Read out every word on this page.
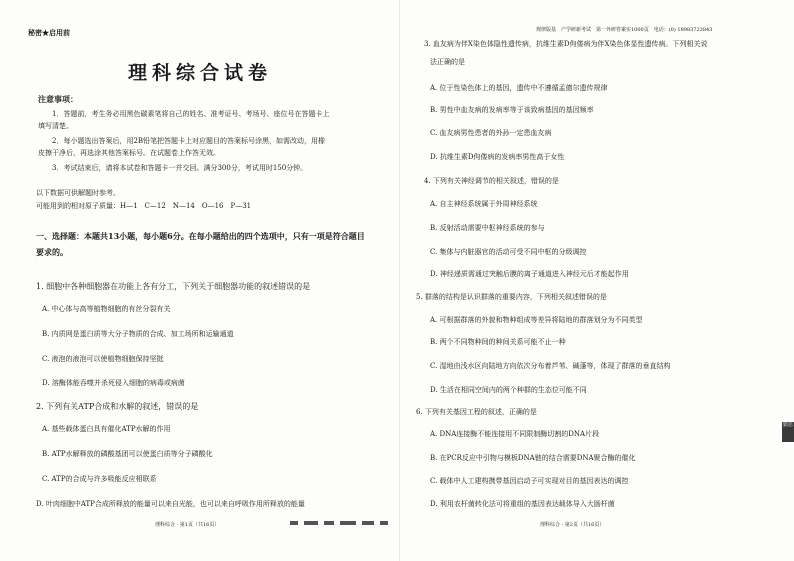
秘密★启用前
理科综合试卷
注意事项：
1．答题前，考生务必用黑色碳素笔将自己的姓名、准考证号、考场号、座位号在答题卡上
填写清楚。
2．每小题选出答案后，用2B铅笔把答题卡上对应题目的答案标号涂黑，如需改动，用橡
皮擦干净后，再选涂其他答案标号。在试题卷上作答无效。
3．考试结束后，请将本试卷和答题卡一并交回。满分300分，考试用时150分钟。
以下数据可供解题时参考。
可能用到的相对原子质量：H—1　C—12　N—14　O—16　P—31
一、选择题：本题共13小题，每小题6分。在每小题给出的四个选项中，只有一项是符合题目
要求的。
1. 细胞中各种细胞器在功能上各有分工，下列关于细胞器功能的叙述错误的是
A. 中心体与高等植物细胞的有丝分裂有关
B. 内质网是蛋白质等大分子物质的合成、加工场所和运输通道
C. 液泡的液泡可以使植物细胞保持坚挺
D. 溶酶体能吞噬并杀死侵入细胞的病毒或病菌
2. 下列有关ATP合成和水解的叙述，错误的是
A. 基些载体蛋白具有催化ATP水解的作用
B. ATP水解释放的磷酸基团可以使蛋白质等分子磷酸化
C. ATP的合成与许多吸能反应相联系
D. 叶肉细胞中ATP合成所释放的能量可以来自光能，也可以来自呼吸作用所释放的能量
理科综合 · 第1页（共16页）
规律版基　产学研新考试　第一外研答案实1000页　电话：(0) 18983723843
3. 血友病为伴X染色体隐性遗传病，抗维生素D佝偻病为伴X染色体显性遗传病。下列相关说
法正确的是
A. 位于性染色体上的基因，遗传中不遵循孟德尔遗传规律
B. 男性中血友病的发病率等于该致病基因的基因频率
C. 血友病男性患者的外孙一定患血友病
D. 抗维生素D佝偻病的发病率男性高于女性
4. 下列有关神经调节的相关叙述，错误的是
A. 自主神经系统属于外周神经系统
B. 反射活动需要中枢神经系统的参与
C. 集体与内脏器官的活动可受不同中枢的分级调控
D. 神经递质需通过突触后膜的离子通道进入神经元后才能起作用
5. 群落的结构是认识群落的重要内容，下列相关叙述错误的是
A. 可根据群落的外貌和物种组成等差异将陆地的群落划分为不同类型
B. 两个不同物种间的种间关系可能不止一种
C. 湿地由浅水区向陆地方向依次分布着芦苇、碱蓬等，体现了群落的垂直结构
D. 生活在相同空间内的两个种群的生态位可能不同
6. 下列有关基因工程的叙述，正确的是
A. DNA连接酶不能连接用不同限制酶切割的DNA片段
B. 在PCR反应中引物与模板DNA链的结合需要DNA聚合酶的催化
C. 载体中人工建构携带基因启动子可实现对目的基因表达的调控
D. 利用农杆菌转化法可将重组的基因表达载体导入大肠杆菌
理科综合 · 第2页（共16页）
勤思
